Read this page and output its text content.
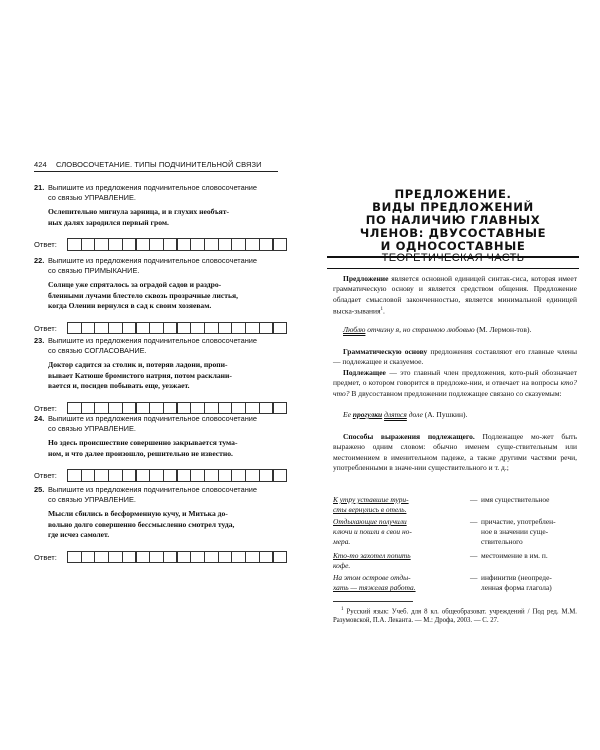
424 СЛОВОСОЧЕТАНИЕ. ТИПЫ ПОДЧИНИТЕЛЬНОЙ СВЯЗИ
21. Выпишите из предложения подчинительное словосочетание
со связью УПРАВЛЕНИЕ.
Ослепительно мигнула зарница, и в глухих необъят-
ных далях зародился первый гром.
Ответ:
22. Выпишите из предложения подчинительное словосочетание
со связью ПРИМЫКАНИЕ.
Солнце уже спряталось за оградой садов и раздро-
бленными лучами блестело сквозь прозрачные листья,
когда Оленин вернулся в сад к своим хозяевам.
Ответ:
23. Выпишите из предложения подчинительное словосочетание
со связью СОГЛАСОВАНИЕ.
Доктор садится за столик и, потеряв ладони, пропи-
вывает Катюше бромистого натрия, потом расклани-
вается и, посидев побывать еще, уезжает.
Ответ:
24. Выпишите из предложения подчинительное словосочетание
со связью УПРАВЛЕНИЕ.
Но здесь происшествие совершенно закрывается тума-
ном, и что далее произошло, решительно не известно.
Ответ:
25. Выпишите из предложения подчинительное словосочетание
со связью УПРАВЛЕНИЕ.
Мысли сбились в бесформенную кучу, и Митька до-
вольно долго совершенно бессмысленно смотрел туда,
где исчез самолет.
Ответ:
ПРЕДЛОЖЕНИЕ.
ВИДЫ ПРЕДЛОЖЕНИЙ
ПО НАЛИЧИЮ ГЛАВНЫХ
ЧЛЕНОВ: ДВУСОСТАВНЫЕ
И ОДНОСОСТАВНЫЕ
ТЕОРЕТИЧЕСКАЯ ЧАСТЬ
Предложение является основной единицей синтак-сиса, которая имеет грамматическую основу и является средством общения. Предложение обладает смысловой законченностью, является минимальной единицей выска-зывания$^1$.
Люблю отчизну я, но странною любовью (М. Лермон-тов).
Грамматическую основу предложения составляют его главные члены — подлежащее и сказуемое.
Подлежащее — это главный член предложения, кото-рый обозначает предмет, о котором говорится в предложе-нии, и отвечает на вопросы кто? что? В двусоставном предложении подлежащее связано со сказуемым:
Ее прогулки длятся доле (А. Пушкин).
Способы выражения подлежащего. Подлежащее мо-жет быть выражено одним словом: обычно именем суще-ствительным или местоимением в именительном падеже, а также другими частями речи, употребленными в значе-нии существительного и т. д.;
К утру уставшие тури-
сты вернулись в отель.
— имя существительное
Отдыхающие получили
ключи и пошли в свои но-
мера.
— причастие, употреблен-
ное в значении суще-
ствительного
Кто-то захотел попить
кофе.
— местоимение в им. п.
На этом острове отды-
хать — тяжелая работа.
— инфинитив (неопреде-
ленная форма глагола)
$^1$ Русский язык: Учеб. для 8 кл. общеобразоват. учреждений / Под ред. М.М. Разумовской, П.А. Леканта. — М.: Дрофа, 2003. — С. 27.
